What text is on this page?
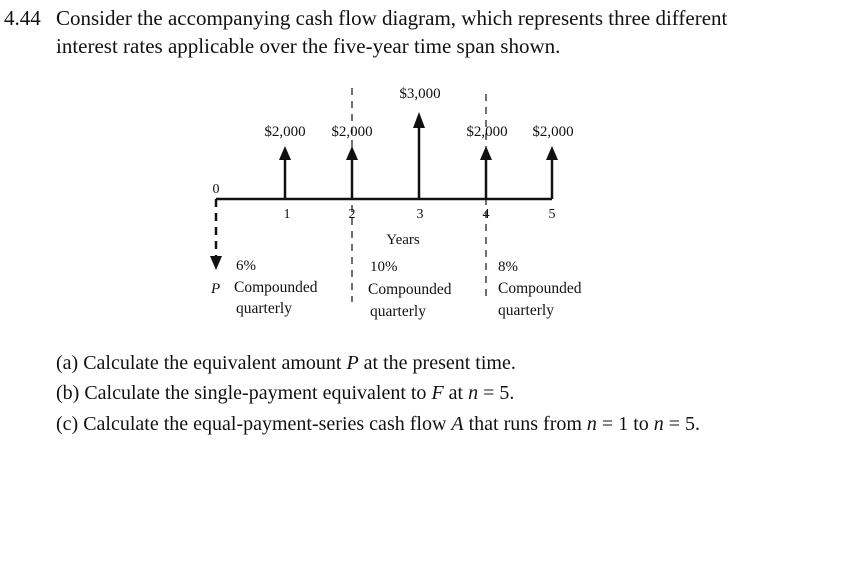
4.44 Consider the accompanying cash flow diagram, which represents three different
interest rates applicable over the five-year time span shown.
$2,000 $2,000
$3,000
$2,000 $2,000
0
1	2	3	4	5
Years
P
6%
Compounded
quarterly
10%
Compounded
quarterly
8%
Compounded
quarterly
(a) Calculate the equivalent amount P at the present time.
(b) Calculate the single-payment equivalent to F at n = 5.
(c) Calculate the equal-payment-series cash flow A that runs from n = 1 to n = 5.
